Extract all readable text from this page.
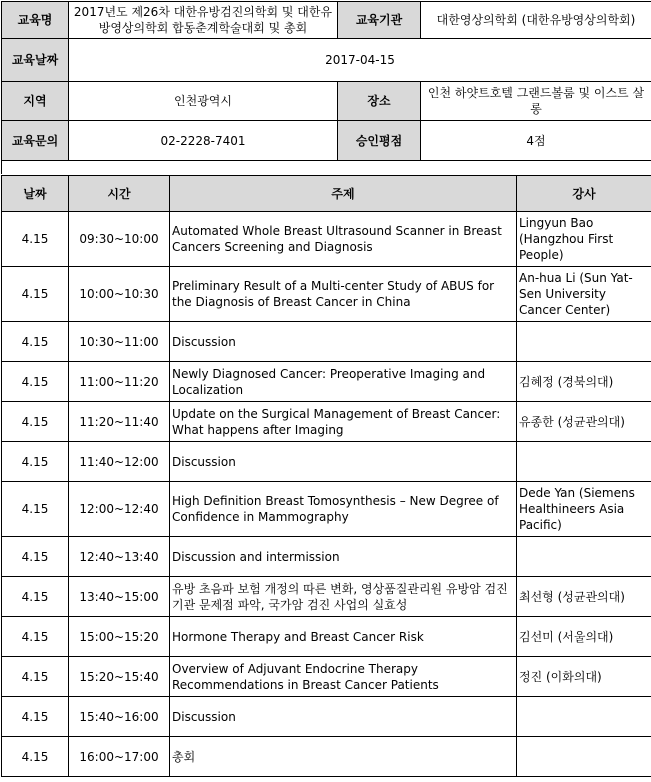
교육명	2017년도 제26차 대한유방검진의학회 및 대한유방영상의학회 합동춘계학술대회 및 총회	교육기관	대한영상의학회 (대한유방영상의학회)
교육날짜	2017-04-15		
지역	인천광역시	장소	인천 하얏트호텔 그랜드볼룸 및 이스트 살롱
교육문의	02-2228-7401	승인평점	4점
날짜	시간	주제	강사
4.15	09:30~10:00	Automated Whole Breast Ultrasound Scanner in Breast Cancers Screening and Diagnosis	Lingyun Bao (Hangzhou First People)
4.15	10:00~10:30	Preliminary Result of a Multi-center Study of ABUS for the Diagnosis of Breast Cancer in China	An-hua Li (Sun Yat-Sen University Cancer Center)
4.15	10:30~11:00	Discussion	
4.15	11:00~11:20	Newly Diagnosed Cancer: Preoperative Imaging and Localization	김혜정 (경북의대)
4.15	11:20~11:40	Update on the Surgical Management of Breast Cancer: What happens after Imaging	유종한 (성균관의대)
4.15	11:40~12:00	Discussion	
4.15	12:00~12:40	High Definition Breast Tomosynthesis – New Degree of Confidence in Mammography	Dede Yan (Siemens Healthineers Asia Pacific)
4.15	12:40~13:40	Discussion and intermission	
4.15	13:40~15:00	유방 초음파 보험 개정의 따른 변화, 영상품질관리원 유방암 검진기관 문제점 파악, 국가암 검진 사업의 실효성	최선형 (성균관의대)
4.15	15:00~15:20	Hormone Therapy and Breast Cancer Risk	김선미 (서울의대)
4.15	15:20~15:40	Overview of Adjuvant Endocrine Therapy Recommendations in Breast Cancer Patients	정진 (이화의대)
4.15	15:40~16:00	Discussion	
4.15	16:00~17:00	총회	
